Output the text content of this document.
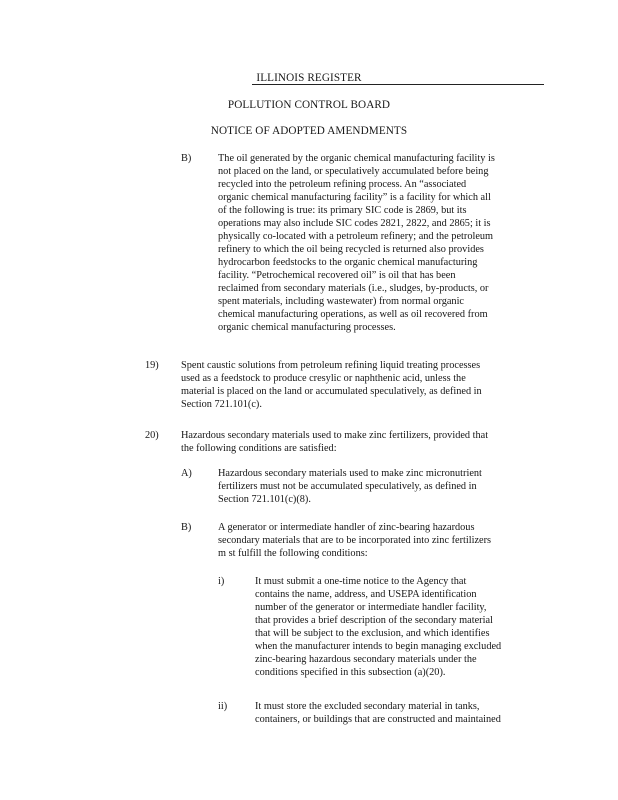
ILLINOIS REGISTER
POLLUTION CONTROL BOARD
NOTICE OF ADOPTED AMENDMENTS
B)	The oil generated by the organic chemical manufacturing facility is
not placed on the land, or speculatively accumulated before being
recycled into the petroleum refining process. An “associated
organic chemical manufacturing facility” is a facility for which all
of the following is true: its primary SIC code is 2869, but its
operations may also include SIC codes 2821, 2822, and 2865; it is
physically co-located with a petroleum refinery; and the petroleum
refinery to which the oil being recycled is returned also provides
hydrocarbon feedstocks to the organic chemical manufacturing
facility. “Petrochemical recovered oil” is oil that has been
reclaimed from secondary materials (i.e., sludges, by-products, or
spent materials, including wastewater) from normal organic
chemical manufacturing operations, as well as oil recovered from
organic chemical manufacturing processes.
19) Spent caustic solutions from petroleum refining liquid treating processes
used as a feedstock to produce cresylic or naphthenic acid, unless the
material is placed on the land or accumulated speculatively, as defined in
Section 721.101(c).
20) Hazardous secondary materials used to make zinc fertilizers, provided that
the following conditions are satisfied:
A)	Hazardous secondary materials used to make zinc micronutrient
fertilizers must not be accumulated speculatively, as defined in
Section 721.101(c)(8).
B)	A generator or intermediate handler of zinc-bearing hazardous
secondary materials that are to be incorporated into zinc fertilizers
m st fulfill the following conditions:
i)	It must submit a one-time notice to the Agency that
contains the name, address, and USEPA identification
number of the generator or intermediate handler facility,
that provides a brief description of the secondary material
that will be subject to the exclusion, and which identifies
when the manufacturer intends to begin managing excluded
zinc-bearing hazardous secondary materials under the
conditions specified in this subsection (a)(20).
ii)	It must store the excluded secondary material in tanks,
containers, or buildings that are constructed and maintained
